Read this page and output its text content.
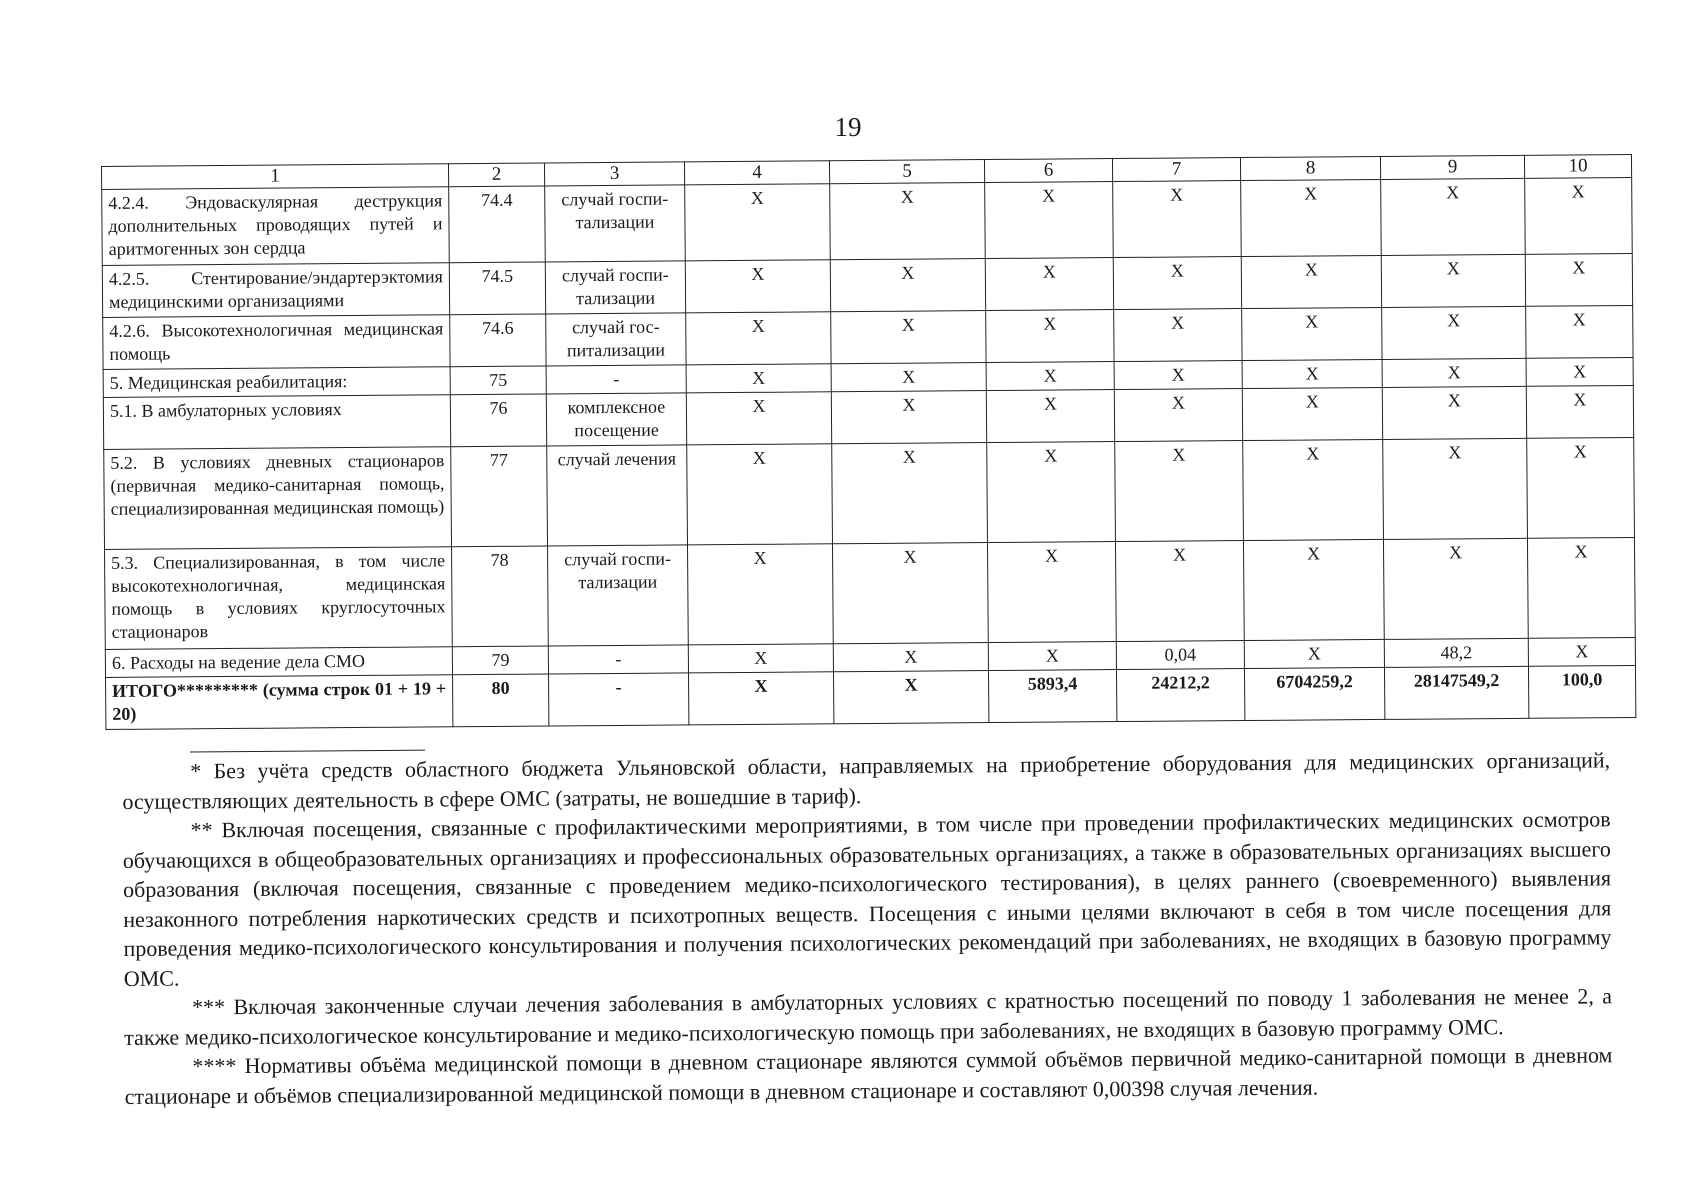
19
1	2	3	4	5	6	7	8	9	10
4.2.4. Эндоваскулярная деструкция дополнительных проводящих путей и аритмогенных зон сердца	74.4	случай госпи-тализации	X	X	X	X	X	X	X
4.2.5. Стентирование/эндартерэктомия медицинскими организациями	74.5	случай госпи-тализации	X	X	X	X	X	X	X
4.2.6. Высокотехнологичная медицинская помощь	74.6	случай гос-питализации	X	X	X	X	X	X	X
5. Медицинская реабилитация:	75	-	X	X	X	X	X	X	X
5.1. В амбулаторных условиях	76	комплексное посещение	X	X	X	X	X	X	X
5.2. В условиях дневных стационаров (первичная медико-санитарная помощь, специализированная медицинская помощь)	77	случай лечения	X	X	X	X	X	X	X
5.3. Специализированная, в том числе высокотехнологичная, медицинская помощь в условиях круглосуточных стационаров	78	случай госпи-тализации	X	X	X	X	X	X	X
6. Расходы на ведение дела СМО	79	-	X	X	X	0,04	X	48,2	X
ИТОГО********* (сумма строк 01 + 19 + 20)	80	-	X	X	5893,4	24212,2	6704259,2	28147549,2	100,0

* Без учёта средств областного бюджета Ульяновской области, направляемых на приобретение оборудования для медицинских организаций, осуществляющих деятельность в сфере ОМС (затраты, не вошедшие в тариф).

** Включая посещения, связанные с профилактическими мероприятиями, в том числе при проведении профилактических медицинских осмотров обучающихся в общеобразовательных организациях и профессиональных образовательных организациях, а также в образовательных организациях высшего образования (включая посещения, связанные с проведением медико-психологического тестирования), в целях раннего (своевременного) выявления незаконного потребления наркотических средств и психотропных веществ. Посещения с иными целями включают в себя в том числе посещения для проведения медико-психологического консультирования и получения психологических рекомендаций при заболеваниях, не входящих в базовую программу ОМС.

*** Включая законченные случаи лечения заболевания в амбулаторных условиях с кратностью посещений по поводу 1 заболевания не менее 2, а также медико-психологическое консультирование и медико-психологическую помощь при заболеваниях, не входящих в базовую программу ОМС.

**** Нормативы объёма медицинской помощи в дневном стационаре являются суммой объёмов первичной медико-санитарной помощи в дневном стационаре и объёмов специализированной медицинской помощи в дневном стационаре и составляют 0,00398 случая лечения.
